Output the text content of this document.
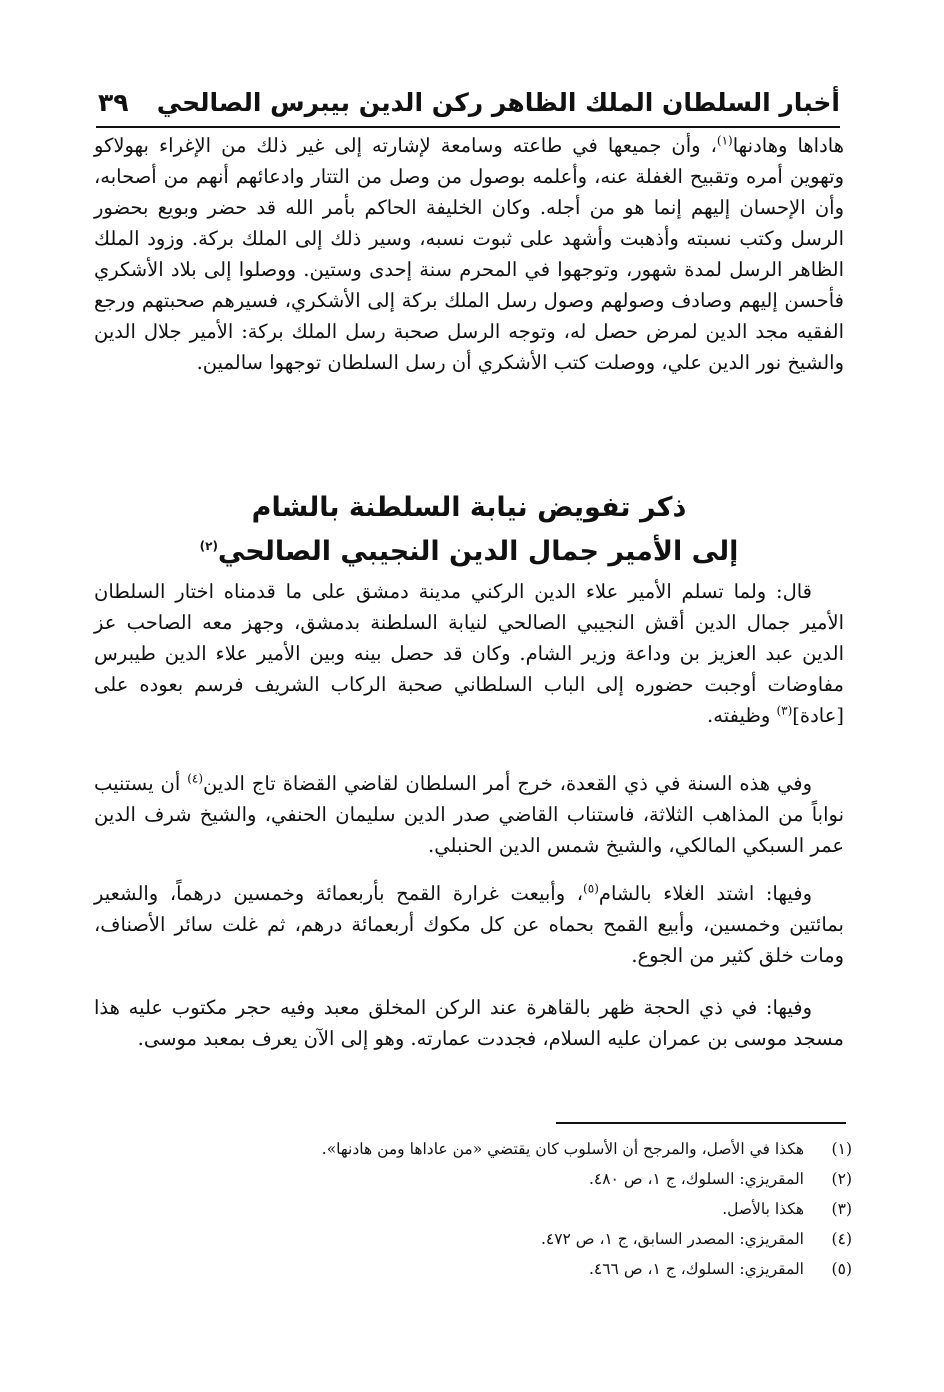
أخبار السلطان الملك الظاهر ركن الدين بيبرس الصالحي
٣٩

هاداها وهادنها$^{(١)}$، وأن جميعها في طاعته وسامعة لإشارته إلى غير ذلك من الإغراء بهولاكو وتهوين أمره وتقبيح الغفلة عنه، وأعلمه بوصول من وصل من التتار وادعائهم أنهم من أصحابه، وأن الإحسان إليهم إنما هو من أجله. وكان الخليفة الحاكم بأمر الله قد حضر وبويع بحضور الرسل وكتب نسبته وأذهبت وأشهد على ثبوت نسبه، وسير ذلك إلى الملك بركة. وزود الملك الظاهر الرسل لمدة شهور، وتوجهوا في المحرم سنة إحدى وستين. ووصلوا إلى بلاد الأشكري فأحسن إليهم وصادف وصولهم وصول رسل الملك بركة إلى الأشكري، فسيرهم صحبتهم ورجع الفقيه مجد الدين لمرض حصل له، وتوجه الرسل صحبة رسل الملك بركة: الأمير جلال الدين والشيخ نور الدين علي، ووصلت كتب الأشكري أن رسل السلطان توجهوا سالمين.

ذكر تفويض نيابة السلطنة بالشام
إلى الأمير جمال الدين النجيبي الصالحي$^{(٢)}$

قال: ولما تسلم الأمير علاء الدين الركني مدينة دمشق على ما قدمناه اختار السلطان الأمير جمال الدين أقش النجيبي الصالحي لنيابة السلطنة بدمشق، وجهز معه الصاحب عز الدين عبد العزيز بن وداعة وزير الشام. وكان قد حصل بينه وبين الأمير علاء الدين طيبرس مفاوضات أوجبت حضوره إلى الباب السلطاني صحبة الركاب الشريف فرسم بعوده على [عادة]$^{(٣)}$ وظيفته.

وفي هذه السنة في ذي القعدة، خرج أمر السلطان لقاضي القضاة تاج الدين$^{(٤)}$ أن يستنيب نواباً من المذاهب الثلاثة، فاستناب القاضي صدر الدين سليمان الحنفي، والشيخ شرف الدين عمر السبكي المالكي، والشيخ شمس الدين الحنبلي.

وفيها: اشتد الغلاء بالشام$^{(٥)}$، وأبيعت غرارة القمح بأربعمائة وخمسين درهماً، والشعير بمائتين وخمسين، وأبيع القمح بحماه عن كل مكوك أربعمائة درهم، ثم غلت سائر الأصناف، ومات خلق كثير من الجوع.

وفيها: في ذي الحجة ظهر بالقاهرة عند الركن المخلق معبد وفيه حجر مكتوب عليه هذا مسجد موسى بن عمران عليه السلام، فجددت عمارته. وهو إلى الآن يعرف بمعبد موسى.

(١)
هكذا في الأصل، والمرجح أن الأسلوب كان يقتضي «من عاداها ومن هادنها».
(٢)
المقريزي: السلوك، ج ١، ص ٤٨٠.
(٣)
هكذا بالأصل.
(٤)
المقريزي: المصدر السابق، ج ١، ص ٤٧٢.
(٥)
المقريزي: السلوك، ج ١، ص ٤٦٦.
